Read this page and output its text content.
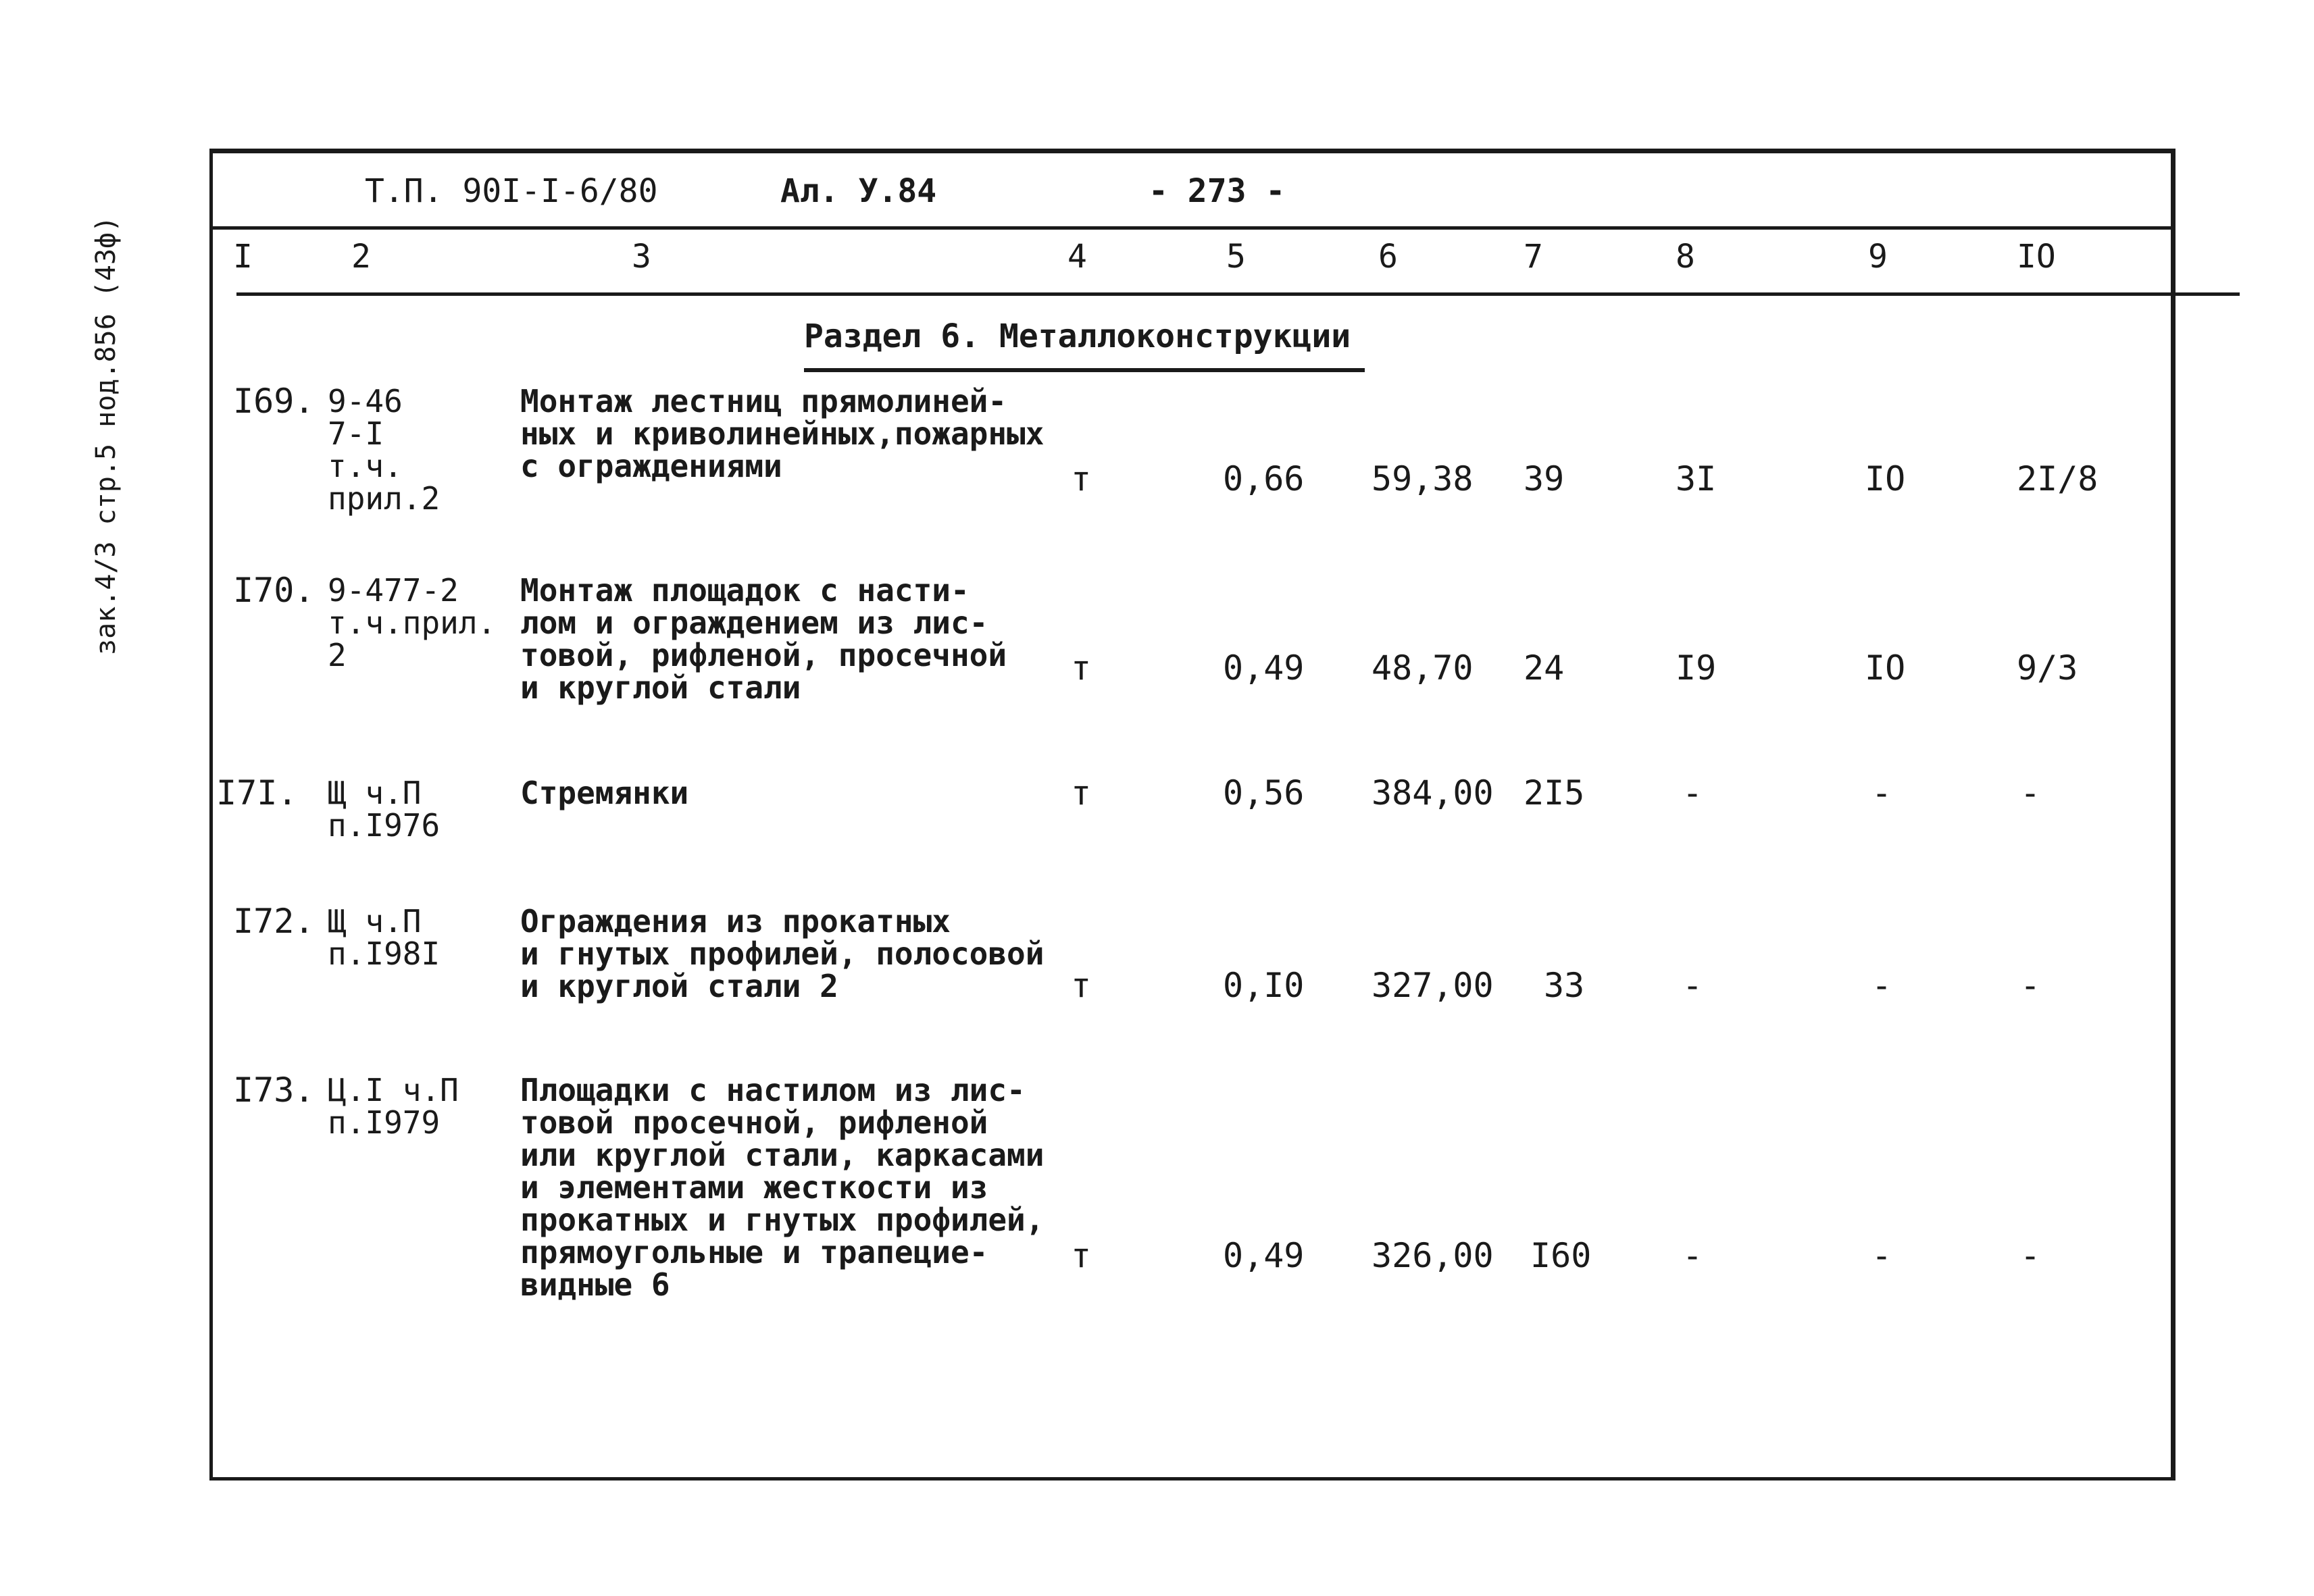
зак.4/3 стр.5 нод.856 (43ф)
Т.П. 90I-I-6/80	Ал. У.84	- 273 -
I	2	3	4	5	6	7	8	9	IO
Раздел 6. Металлоконструкции
I69. 9-46
7-I
т.ч.
прил.2
Монтаж лестниц прямолиней-
ных и криволинейных,пожарных
с ограждениями	т	0,66 59,38 39	3I	IO	2I/8
I70. 9-477-2
т.ч.прил.
2
Монтаж площадок с насти-
лом и ограждением из лис-
товой, рифленой, просечной
и круглой стали	т	0,49 48,70 24	I9	IO	9/3
I7I. Щ ч.П
п.I976
Стремянки	т	0,56 384,00 2I5	-	-	-
I72. Щ ч.П
п.I98I
Ограждения из прокатных
и гнутых профилей, полосовой
и круглой стали 2	т	0,I0 327,00 33	-	-	-
I73. Ц.I ч.П
п.I979
Площадки с настилом из лис-
товой просечной, рифленой
или круглой стали, каркасами
и элементами жесткости из
прокатных и гнутых профилей,
прямоугольные и трапецие-
видные 6
т	0,49 326,00 I60	-	-	-
